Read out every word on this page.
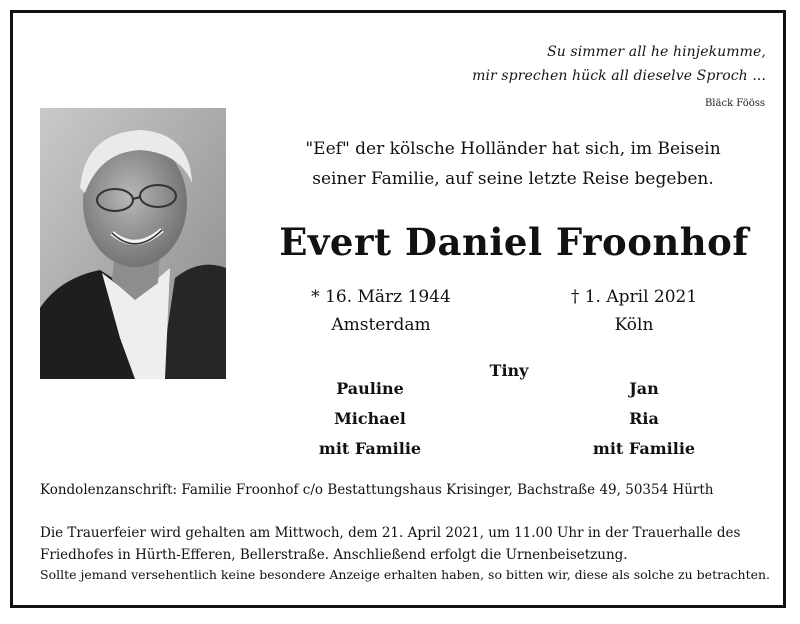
Su simmer all he hinjekumme,
mir sprechen hück all dieselve Sproch ...
Bläck Fööss
"Eef" der kölsche Holländer hat sich, im Beisein
seiner Familie, auf seine letzte Reise begeben.
Evert Daniel Froonhof
* 16. März 1944
Amsterdam
† 1. April 2021
Köln
Tiny
Pauline
Michael
mit Familie
Jan
Ria
mit Familie
Kondolenzanschrift: Familie Froonhof c/o Bestattungshaus Krisinger, Bachstraße 49, 50354 Hürth
Die Trauerfeier wird gehalten am Mittwoch, dem 21. April 2021, um 11.00 Uhr in der Trauerhalle des
Friedhofes in Hürth-Efferen, Bellerstraße. Anschließend erfolgt die Urnenbeisetzung.
Sollte jemand versehentlich keine besondere Anzeige erhalten haben, so bitten wir, diese als solche zu betrachten.
